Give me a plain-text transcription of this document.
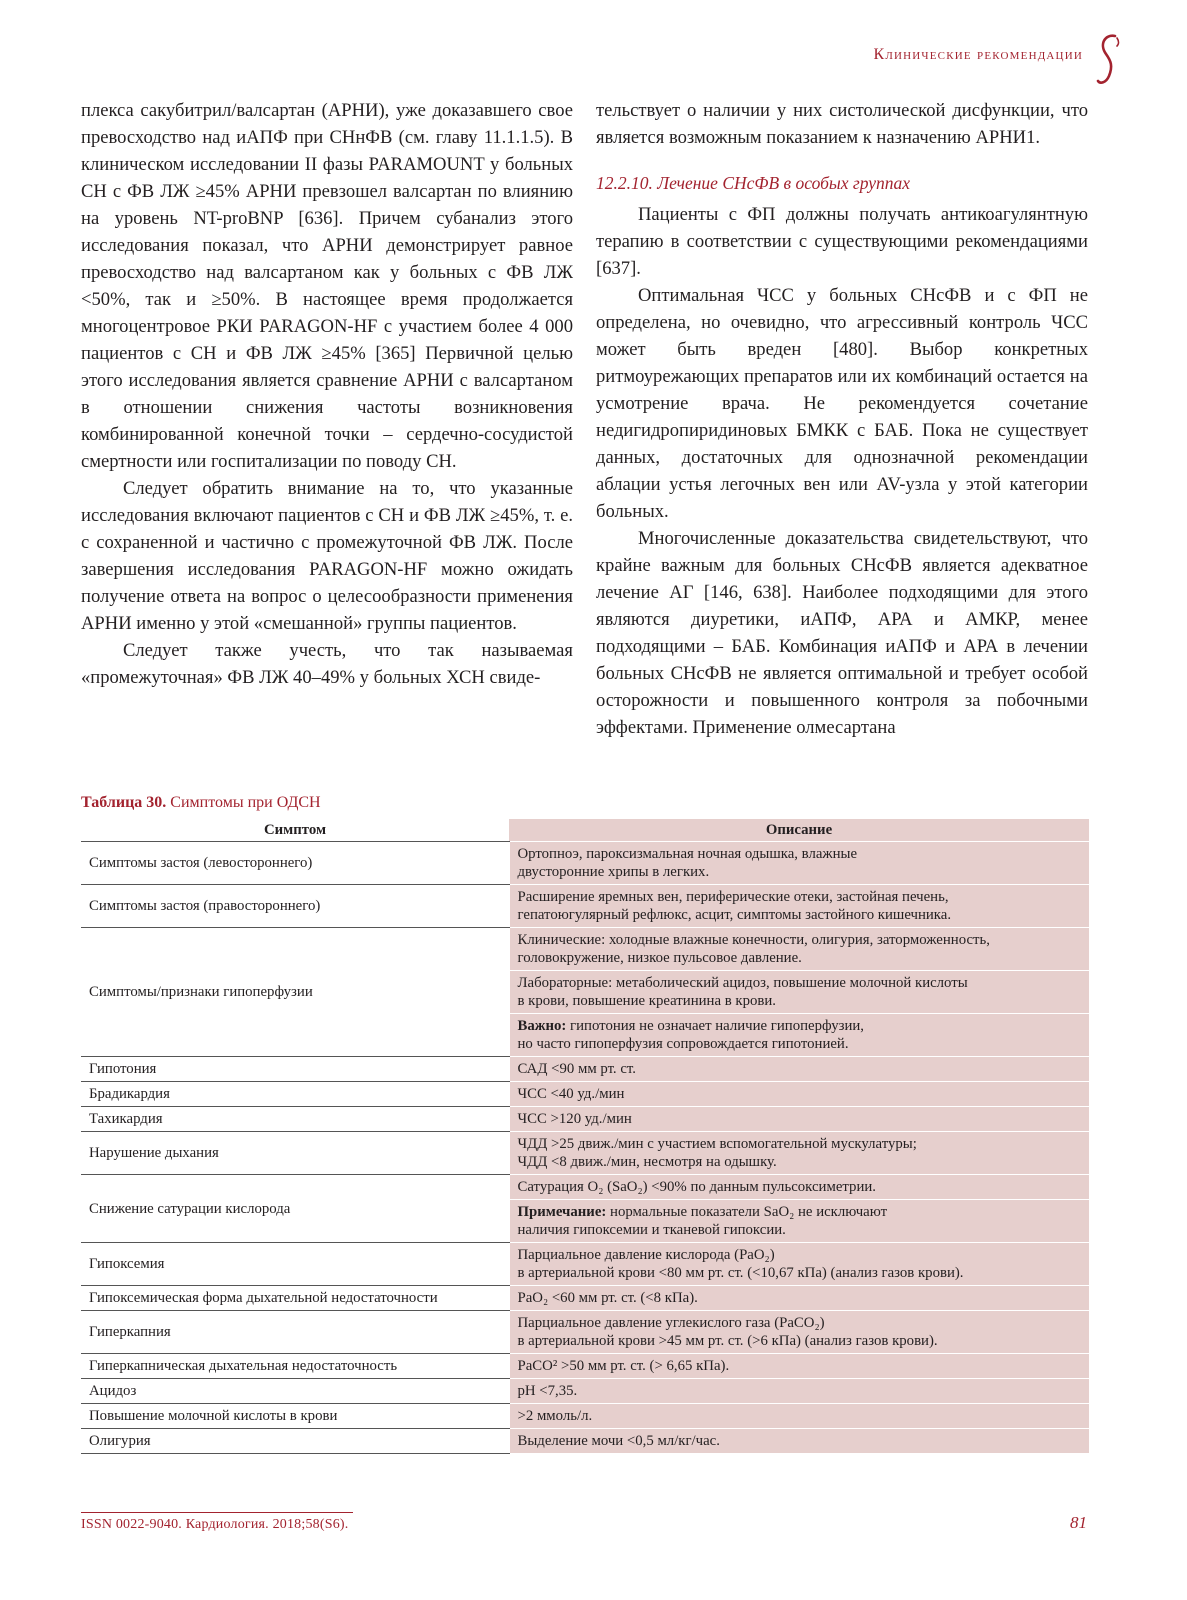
Клинические рекомендации

плекса сакубитрил/валсартан (АРНИ), уже доказавшего свое превосходство над иАПФ при СНнФВ (см. главу 11.1.1.5). В клиническом исследовании II фазы PARAMOUNT у больных СН с ФВ ЛЖ ≥45% АРНИ превзошел валсартан по влиянию на уровень NT-proBNP [636]. Причем субанализ этого исследования показал, что АРНИ демонстрирует равное превосходство над валсартаном как у больных с ФВ ЛЖ <50%, так и ≥50%. В настоящее время продолжается многоцентровое РКИ PARAGON-HF с участием более 4 000 пациентов с СН и ФВ ЛЖ ≥45% [365] Первичной целью этого исследования является сравнение АРНИ с валсартаном в отношении снижения частоты возникновения комбинированной конечной точки – сердечно-сосудистой смертности или госпитализации по поводу СН.

Следует обратить внимание на то, что указанные исследования включают пациентов с СН и ФВ ЛЖ ≥45%, т. е. с сохраненной и частично с промежуточной ФВ ЛЖ. После завершения исследования PARAGON-HF можно ожидать получение ответа на вопрос о целесообразности применения АРНИ именно у этой «смешанной» группы пациентов.

Следует также учесть, что так называемая «промежуточная» ФВ ЛЖ 40–49% у больных ХСН свиде-

тельствует о наличии у них систолической дисфункции, что является возможным показанием к назначению АРНИ1.

12.2.10. Лечение СНсФВ в особых группах

Пациенты с ФП должны получать антикоагулянтную терапию в соответствии с существующими рекомендациями [637].

Оптимальная ЧСС у больных СНсФВ и с ФП не определена, но очевидно, что агрессивный контроль ЧСС может быть вреден [480]. Выбор конкретных ритмоурежающих препаратов или их комбинаций остается на усмотрение врача. Не рекомендуется сочетание недигидропиридиновых БМКК с БАБ. Пока не существует данных, достаточных для однозначной рекомендации аблации устья легочных вен или AV-узла у этой категории больных.

Многочисленные доказательства свидетельствуют, что крайне важным для больных СНсФВ является адекватное лечение АГ [146, 638]. Наиболее подходящими для этого являются диуретики, иАПФ, АРА и АМКР, менее подходящими – БАБ. Комбинация иАПФ и АРА в лечении больных СНсФВ не является оптимальной и требует особой осторожности и повышенного контроля за побочными эффектами. Применение олмесартана

Таблица 30. Симптомы при ОДСН
Симптом	Описание
Симптомы застоя (левостороннего)	Ортопноэ, пароксизмальная ночная одышка, влажные
двусторонние хрипы в легких.
Симптомы застоя (правостороннего)	Расширение яремных вен, периферические отеки, застойная печень,
гепатоюгулярный рефлюкс, асцит, симптомы застойного кишечника.
Симптомы/признаки гипоперфузии	Клинические: холодные влажные конечности, олигурия, заторможенность,
головокружение, низкое пульсовое давление.
	Лабораторные: метаболический ацидоз, повышение молочной кислоты
в крови, повышение креатинина в крови.
	Важно: гипотония не означает наличие гипоперфузии,
но часто гипоперфузия сопровождается гипотонией.
Гипотония	САД <90 мм рт. ст.
Брадикардия	ЧСС <40 уд./мин
Тахикардия	ЧСС >120 уд./мин
Нарушение дыхания	ЧДД >25 движ./мин с участием вспомогательной мускулатуры;
ЧДД <8 движ./мин, несмотря на одышку.
Снижение сатурации кислорода	Сатурация O₂ (SaO₂) <90% по данным пульсоксиметрии.
	Примечание: нормальные показатели SaO₂ не исключают
наличия гипоксемии и тканевой гипоксии.
Гипоксемия	Парциальное давление кислорода (PaO₂)
в артериальной крови <80 мм рт. ст. (<10,67 кПа) (анализ газов крови).
Гипоксемическая форма дыхательной недостаточности	PaO₂ <60 мм рт. ст. (<8 кПа).
Гиперкапния	Парциальное давление углекислого газа (PaCO₂)
в артериальной крови >45 мм рт. ст. (>6 кПа) (анализ газов крови).
Гиперкапническая дыхательная недостаточность	PaCO² >50 мм рт. ст. (> 6,65 кПа).
Ацидоз	pH <7,35.
Повышение молочной кислоты в крови	>2 ммоль/л.
Олигурия	Выделение мочи <0,5 мл/кг/час.
ISSN 0022-9040. Кардиология. 2018;58(S6).	81
